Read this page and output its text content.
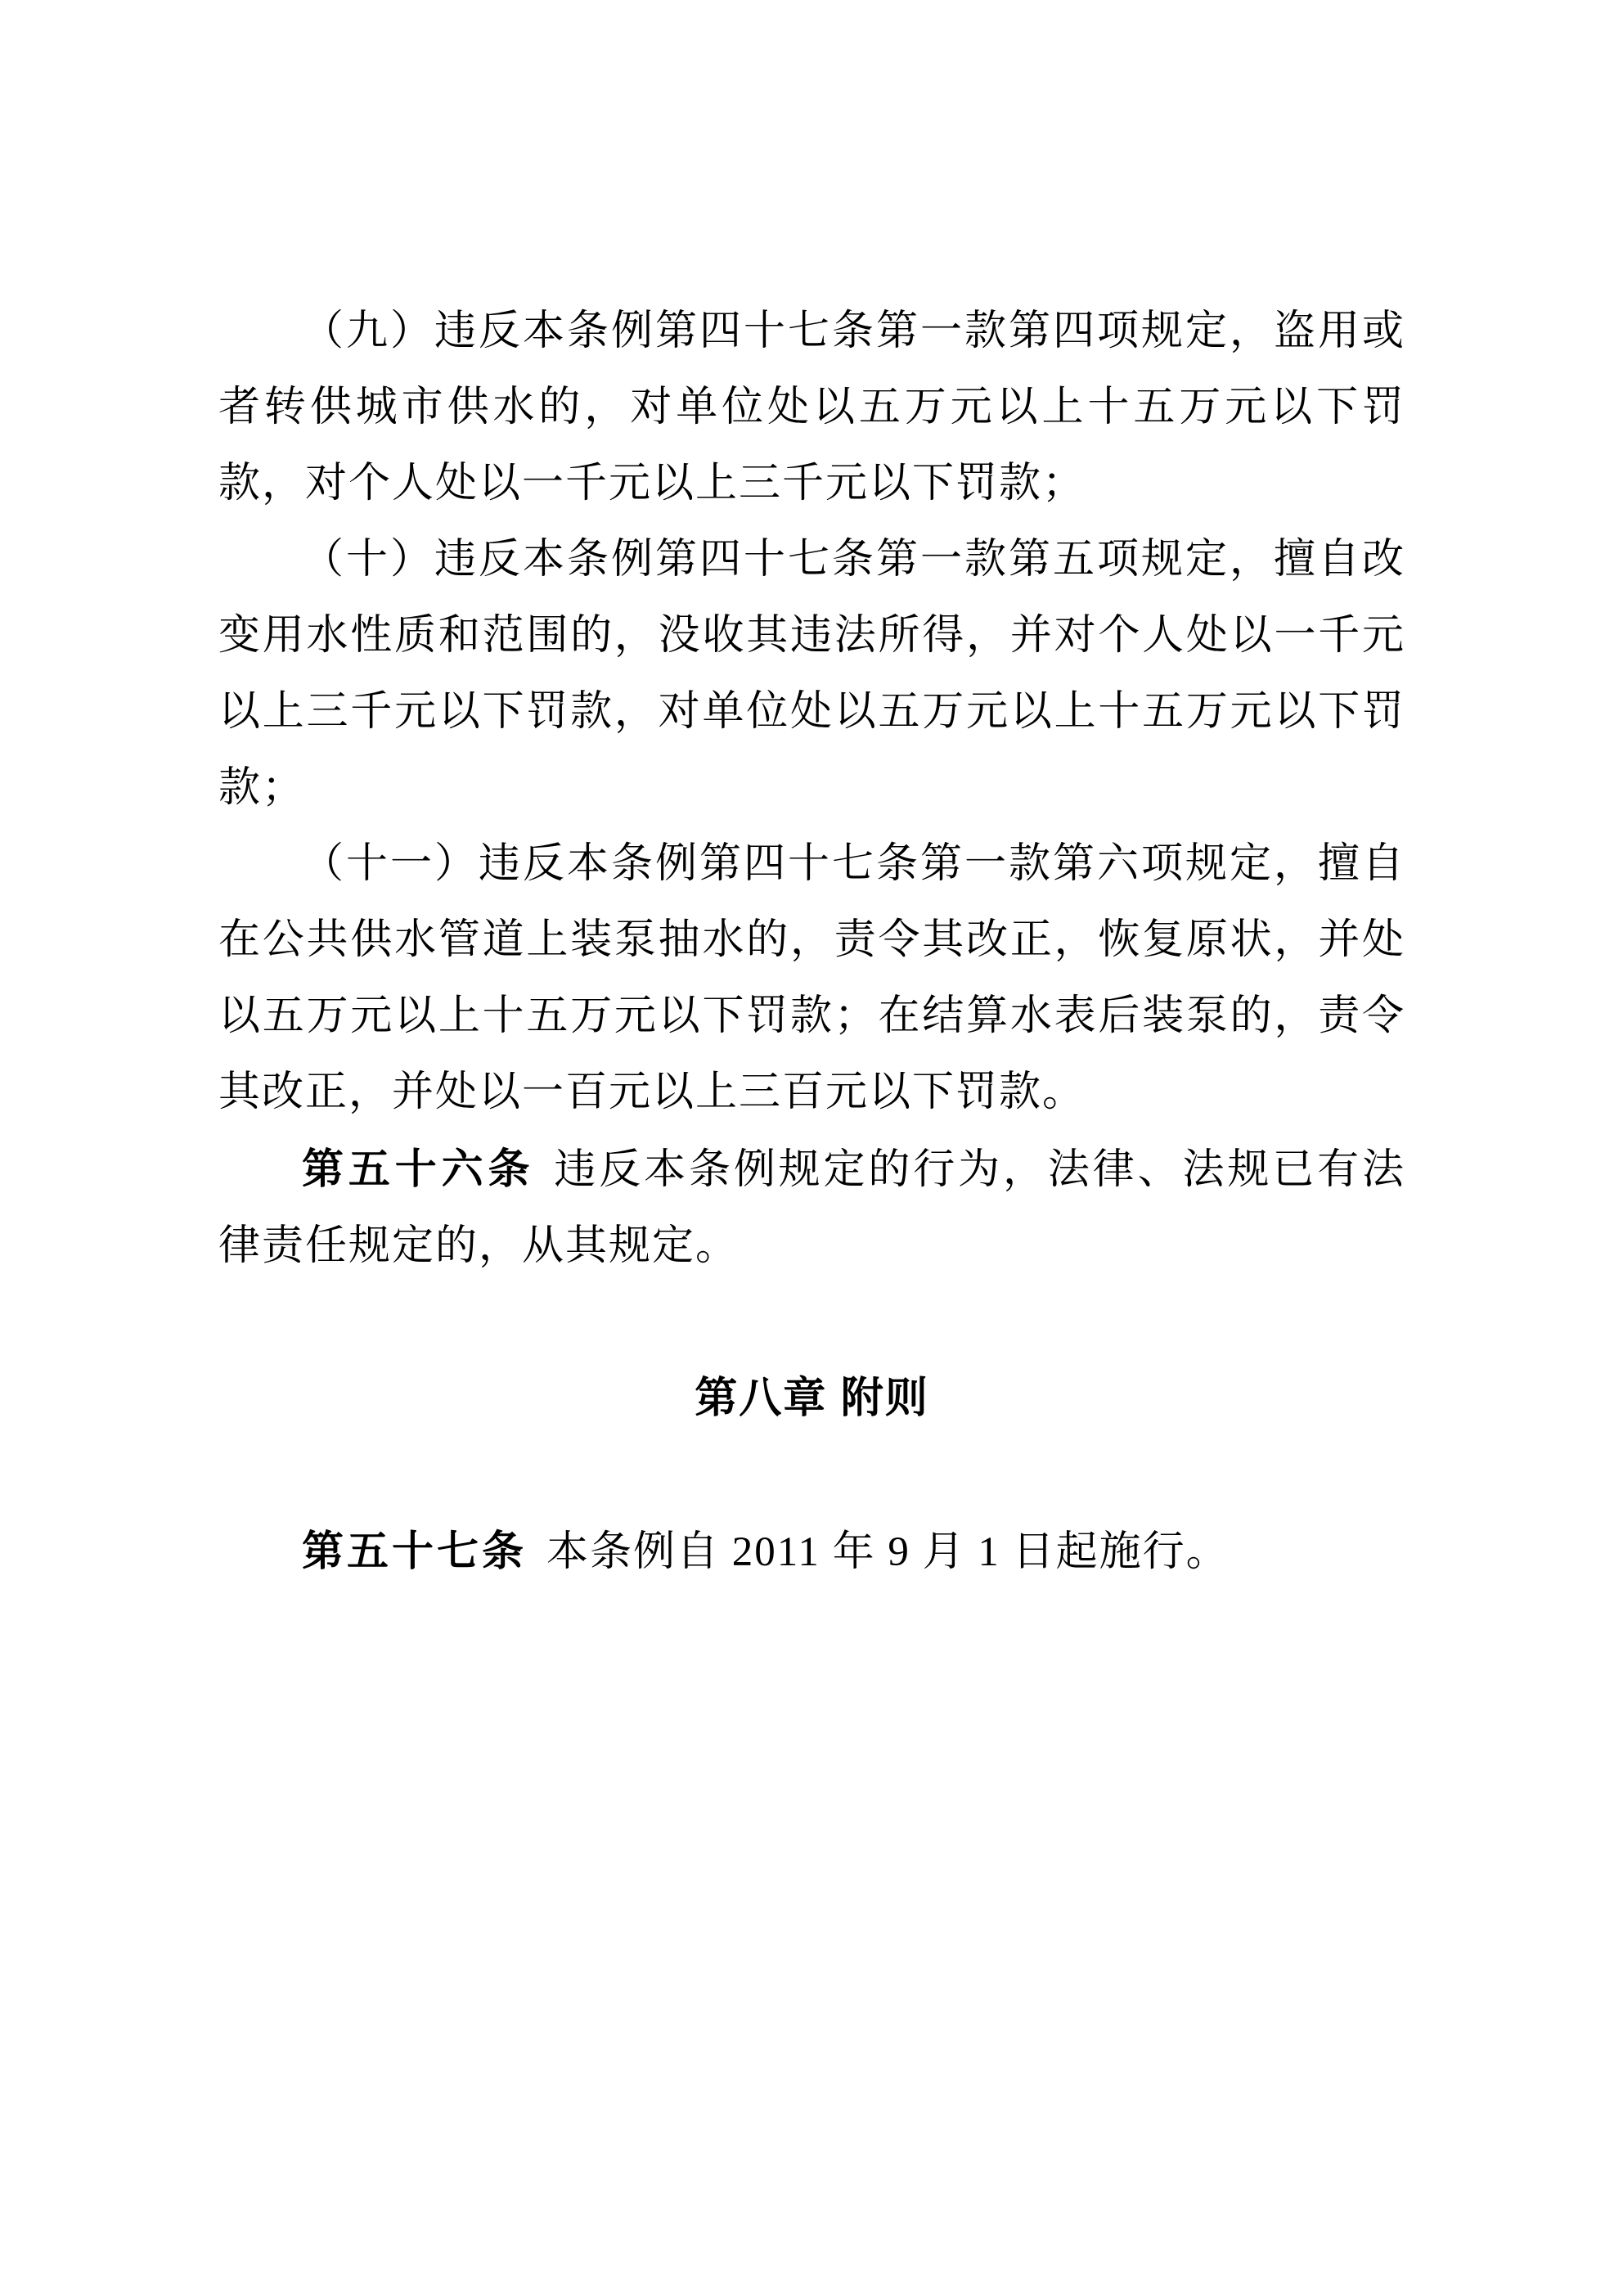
（九）违反本条例第四十七条第一款第四项规定，盗用或者转供城市供水的，对单位处以五万元以上十五万元以下罚款，对个人处以一千元以上三千元以下罚款；

（十）违反本条例第四十七条第一款第五项规定，擅自改变用水性质和范围的，没收其违法所得，并对个人处以一千元以上三千元以下罚款，对单位处以五万元以上十五万元以下罚款；

（十一）违反本条例第四十七条第一款第六项规定，擅自在公共供水管道上装泵抽水的，责令其改正，恢复原状，并处以五万元以上十五万元以下罚款；在结算水表后装泵的，责令其改正，并处以一百元以上三百元以下罚款。

第五十六条 违反本条例规定的行为，法律、法规已有法律责任规定的，从其规定。

第八章 附则

第五十七条 本条例自 2011 年 9 月 1 日起施行。
